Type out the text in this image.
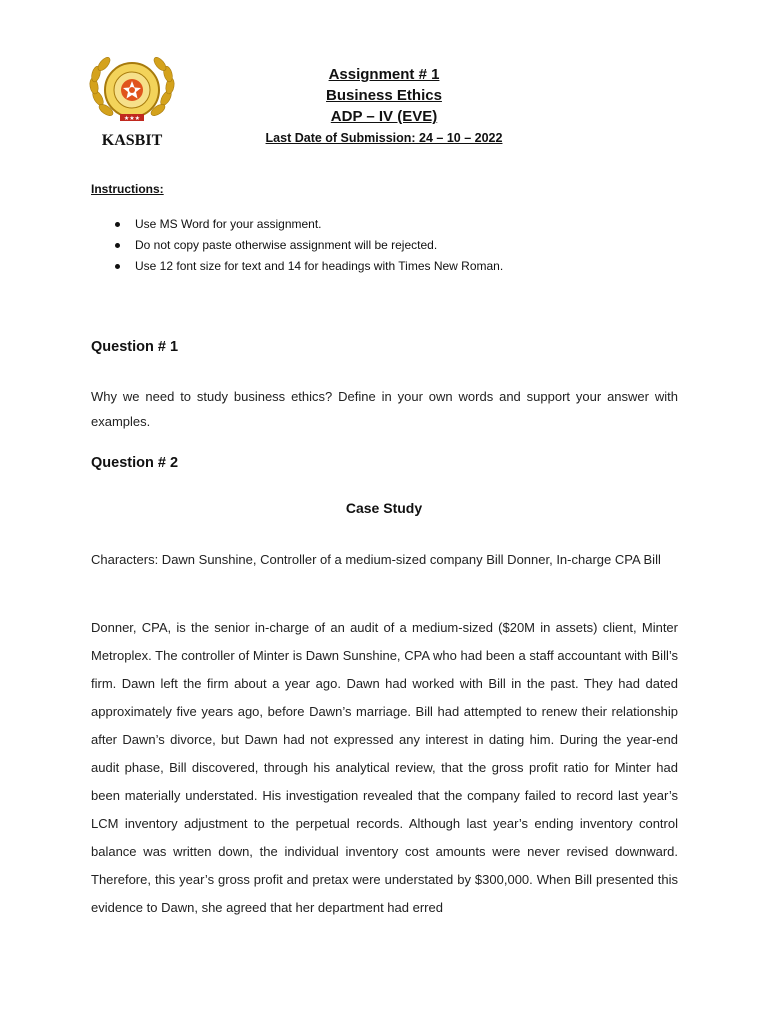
★★★
KASBIT
Assignment # 1
Business Ethics
ADP – IV (EVE)
Last Date of Submission: 24 – 10 – 2022
Instructions:
Use MS Word for your assignment.
Do not copy paste otherwise assignment will be rejected.
Use 12 font size for text and 14 for headings with Times New Roman.
Question # 1
Why we need to study business ethics? Define in your own words and support your answer with examples.
Question # 2
Case Study
Characters: Dawn Sunshine, Controller of a medium-sized company Bill Donner, In-charge CPA Bill
Donner, CPA, is the senior in-charge of an audit of a medium-sized ($20M in assets) client, Minter Metroplex. The controller of Minter is Dawn Sunshine, CPA who had been a staff accountant with Bill’s firm. Dawn left the firm about a year ago. Dawn had worked with Bill in the past. They had dated approximately five years ago, before Dawn’s marriage. Bill had attempted to renew their relationship after Dawn’s divorce, but Dawn had not expressed any interest in dating him. During the year-end audit phase, Bill discovered, through his analytical review, that the gross profit ratio for Minter had been materially understated. His investigation revealed that the company failed to record last year’s LCM inventory adjustment to the perpetual records. Although last year’s ending inventory control balance was written down, the individual inventory cost amounts were never revised downward. Therefore, this year’s gross profit and pretax were understated by $300,000. When Bill presented this evidence to Dawn, she agreed that her department had erred
